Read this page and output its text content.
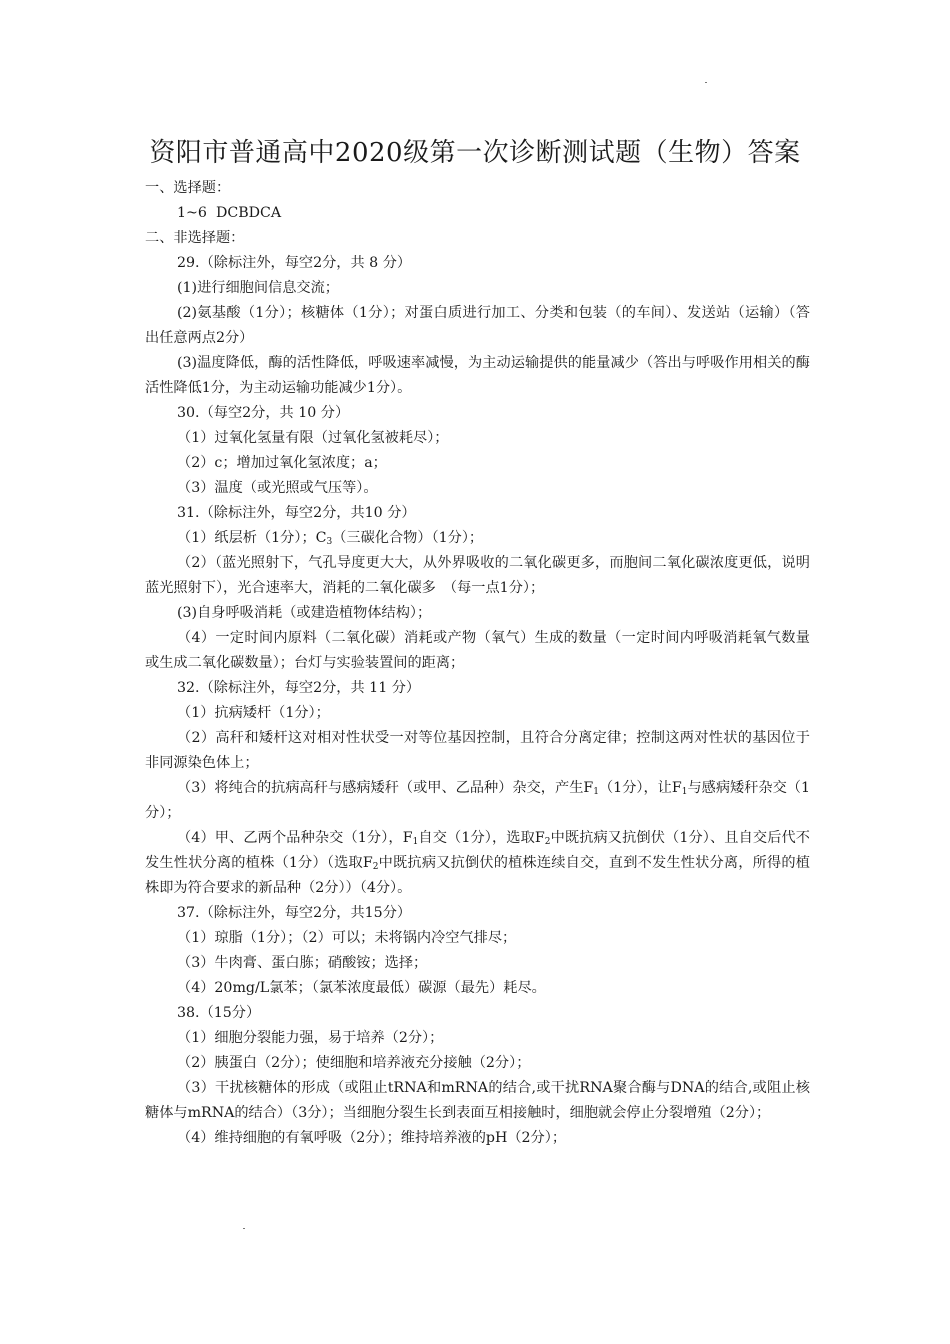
资阳市普通高中2020级第一次诊断测试题（生物）答案

一、选择题：

1~6  DCBDCA

二、非选择题：

29.（除标注外，每空2分，共 8 分）

(1)进行细胞间信息交流；

(2)氨基酸（1分）；核糖体（1分）；对蛋白质进行加工、分类和包装（的车间）、发送站（运输）（答出任意两点2分）

(3)温度降低，酶的活性降低，呼吸速率减慢，为主动运输提供的能量减少（答出与呼吸作用相关的酶活性降低1分，为主动运输功能减少1分）。

30.（每空2分，共 10 分）

（1）过氧化氢量有限（过氧化氢被耗尽）；

（2）c；增加过氧化氢浓度；a；

（3）温度（或光照或气压等）。

31.（除标注外，每空2分，共10 分）

（1）纸层析（1分）；$C_3$（三碳化合物）（1分）；

（2）（蓝光照射下，气孔导度更大大，从外界吸收的二氧化碳更多，而胞间二氧化碳浓度更低，说明蓝光照射下），光合速率大，消耗的二氧化碳多　（每一点1分）；

(3)自身呼吸消耗（或建造植物体结构）；

（4）一定时间内原料（二氧化碳）消耗或产物（氧气）生成的数量（一定时间内呼吸消耗氧气数量或生成二氧化碳数量）；台灯与实验装置间的距离；

32.（除标注外，每空2分，共 11 分）

（1）抗病矮杆（1分）；

（2）高秆和矮杆这对相对性状受一对等位基因控制，且符合分离定律；控制这两对性状的基因位于非同源染色体上；

（3）将纯合的抗病高秆与感病矮秆（或甲、乙品种）杂交，产生$F_1(1$分），让$F_1$与感病矮秆杂交（1分）；

（4）甲、乙两个品种杂交（1分），$F_1$自交（1分），选取$F_2$中既抗病又抗倒伏（1分）、且自交后代不发生性状分离的植株（1分）（选取$F_2$中既抗病又抗倒伏的植株连续自交，直到不发生性状分离，所得的植株即为符合要求的新品种（2分））（4分）。

37.（除标注外，每空2分，共15分）

（1）琼脂（1分）；（2）可以；未将锅内冷空气排尽；

（3）牛肉膏、蛋白胨；硝酸铵；选择；

（4）20mg/L氯苯；（氯苯浓度最低）碳源（最先）耗尽。

38.（15分）

（1）细胞分裂能力强，易于培养（2分）；

（2）胰蛋白（2分）；使细胞和培养液充分接触（2分）；

（3）干扰核糖体的形成（或阻止tRNA和mRNA的结合,或干扰RNA聚合酶与DNA的结合,或阻止核糖体与mRNA的结合）（3分）；当细胞分裂生长到表面互相接触时，细胞就会停止分裂增殖（2分）；

（4）维持细胞的有氧呼吸（2分）；维持培养液的pH（2分）；
